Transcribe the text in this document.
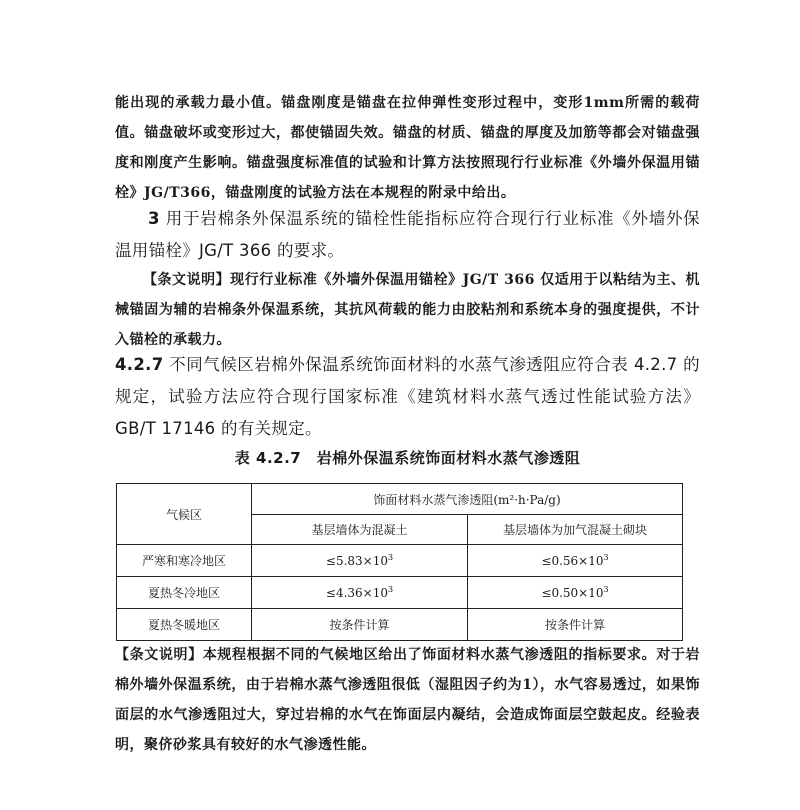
能出现的承载力最小值。锚盘刚度是锚盘在拉伸弹性变形过程中，变形1mm所需的载荷值。锚盘破坏或变形过大，都使锚固失效。锚盘的材质、锚盘的厚度及加筋等都会对锚盘强度和刚度产生影响。锚盘强度标准值的试验和计算方法按照现行行业标准《外墙外保温用锚栓》JG/T366，锚盘刚度的试验方法在本规程的附录中给出。

3 用于岩棉条外保温系统的锚栓性能指标应符合现行行业标准《外墙外保温用锚栓》JG/T 366 的要求。

【条文说明】现行行业标准《外墙外保温用锚栓》JG/T 366 仅适用于以粘结为主、机械锚固为辅的岩棉条外保温系统，其抗风荷载的能力由胶粘剂和系统本身的强度提供，不计入锚栓的承载力。

4.2.7 不同气候区岩棉外保温系统饰面材料的水蒸气渗透阻应符合表 4.2.7 的规定，试验方法应符合现行国家标准《建筑材料水蒸气透过性能试验方法》GB/T 17146 的有关规定。

表 4.2.7　岩棉外保温系统饰面材料水蒸气渗透阻
气候区	饰面材料水蒸气渗透阻(m²·h·Pa/g)	
	基层墙体为混凝土	基层墙体为加气混凝土砌块
严寒和寒冷地区	$\le 5.83\times 10^3$	$\le 0.56\times 10^3$
夏热冬冷地区	$\le 4.36\times 10^3$	$\le 0.50\times 10^3$
夏热冬暖地区	按条件计算	按条件计算

【条文说明】本规程根据不同的气候地区给出了饰面材料水蒸气渗透阻的指标要求。对于岩棉外墙外保温系统，由于岩棉水蒸气渗透阻很低（湿阻因子约为1），水气容易透过，如果饰面层的水气渗透阻过大，穿过岩棉的水气在饰面层内凝结，会造成饰面层空鼓起皮。经验表明，聚侪砂浆具有较好的水气渗透性能。
